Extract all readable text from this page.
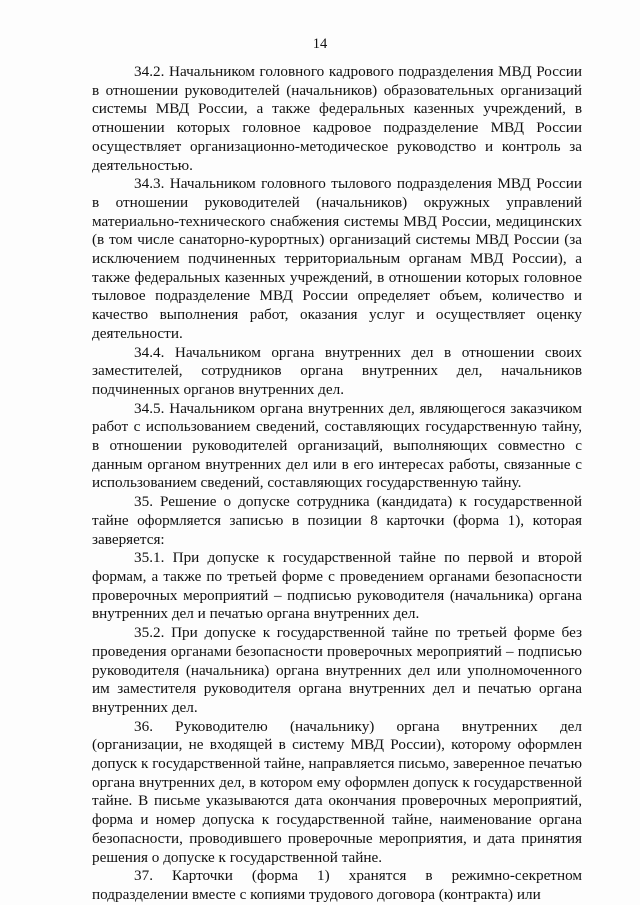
14

34.2. Начальником головного кадрового подразделения МВД России в отношении руководителей (начальников) образовательных организаций системы МВД России, а также федеральных казенных учреждений, в отношении которых головное кадровое подразделение МВД России осуществляет организационно-методическое руководство и контроль за деятельностью.

34.3. Начальником головного тылового подразделения МВД России в отношении руководителей (начальников) окружных управлений материально-технического снабжения системы МВД России, медицинских (в том числе санаторно-курортных) организаций системы МВД России (за исключением подчиненных территориальным органам МВД России), а также федеральных казенных учреждений, в отношении которых головное тыловое подразделение МВД России определяет объем, количество и качество выполнения работ, оказания услуг и осуществляет оценку деятельности.

34.4. Начальником органа внутренних дел в отношении своих заместителей, сотрудников органа внутренних дел, начальников подчиненных органов внутренних дел.

34.5. Начальником органа внутренних дел, являющегося заказчиком работ с использованием сведений, составляющих государственную тайну, в отношении руководителей организаций, выполняющих совместно с данным органом внутренних дел или в его интересах работы, связанные с использованием сведений, составляющих государственную тайну.

35. Решение о допуске сотрудника (кандидата) к государственной тайне оформляется записью в позиции 8 карточки (форма 1), которая заверяется:

35.1. При допуске к государственной тайне по первой и второй формам, а также по третьей форме с проведением органами безопасности проверочных мероприятий – подписью руководителя (начальника) органа внутренних дел и печатью органа внутренних дел.

35.2. При допуске к государственной тайне по третьей форме без проведения органами безопасности проверочных мероприятий – подписью руководителя (начальника) органа внутренних дел или уполномоченного им заместителя руководителя органа внутренних дел и печатью органа внутренних дел.

36. Руководителю (начальнику) органа внутренних дел (организации, не входящей в систему МВД России), которому оформлен допуск к государственной тайне, направляется письмо, заверенное печатью органа внутренних дел, в котором ему оформлен допуск к государственной тайне. В письме указываются дата окончания проверочных мероприятий, форма и номер допуска к государственной тайне, наименование органа безопасности, проводившего проверочные мероприятия, и дата принятия решения о допуске к государственной тайне.

37. Карточки (форма 1) хранятся в режимно-секретном подразделении вместе с копиями трудового договора (контракта) или
